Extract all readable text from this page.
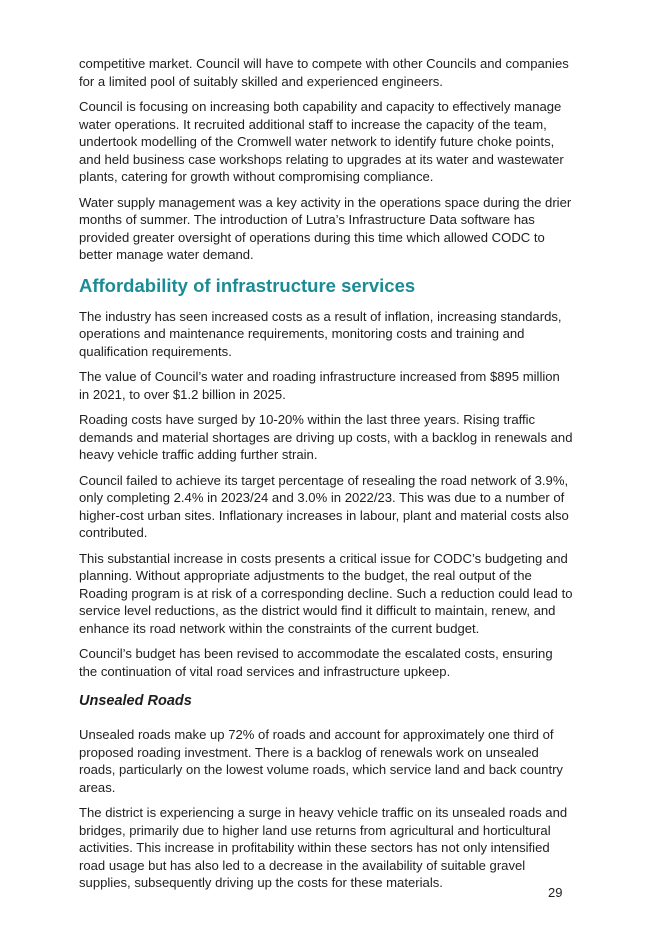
competitive market. Council will have to compete with other Councils and companies for a limited pool of suitably skilled and experienced engineers.

Council is focusing on increasing both capability and capacity to effectively manage water operations. It recruited additional staff to increase the capacity of the team, undertook modelling of the Cromwell water network to identify future choke points, and held business case workshops relating to upgrades at its water and wastewater plants, catering for growth without compromising compliance.

Water supply management was a key activity in the operations space during the drier months of summer. The introduction of Lutra’s Infrastructure Data software has provided greater oversight of operations during this time which allowed CODC to better manage water demand.

Affordability of infrastructure services

The industry has seen increased costs as a result of inflation, increasing standards, operations and maintenance requirements, monitoring costs and training and qualification requirements.

The value of Council’s water and roading infrastructure increased from $895 million in 2021, to over $1.2 billion in 2025.

Roading costs have surged by 10-20% within the last three years. Rising traffic demands and material shortages are driving up costs, with a backlog in renewals and heavy vehicle traffic adding further strain.

Council failed to achieve its target percentage of resealing the road network of 3.9%, only completing 2.4% in 2023/24 and 3.0% in 2022/23. This was due to a number of higher-cost urban sites. Inflationary increases in labour, plant and material costs also contributed.

This substantial increase in costs presents a critical issue for CODC’s budgeting and planning. Without appropriate adjustments to the budget, the real output of the Roading program is at risk of a corresponding decline. Such a reduction could lead to service level reductions, as the district would find it difficult to maintain, renew, and enhance its road network within the constraints of the current budget.

Council’s budget has been revised to accommodate the escalated costs, ensuring the continuation of vital road services and infrastructure upkeep.

Unsealed Roads

Unsealed roads make up 72% of roads and account for approximately one third of proposed roading investment. There is a backlog of renewals work on unsealed roads, particularly on the lowest volume roads, which service land and back country areas.

The district is experiencing a surge in heavy vehicle traffic on its unsealed roads and bridges, primarily due to higher land use returns from agricultural and horticultural activities. This increase in profitability within these sectors has not only intensified road usage but has also led to a decrease in the availability of suitable gravel supplies, subsequently driving up the costs for these materials.

29
